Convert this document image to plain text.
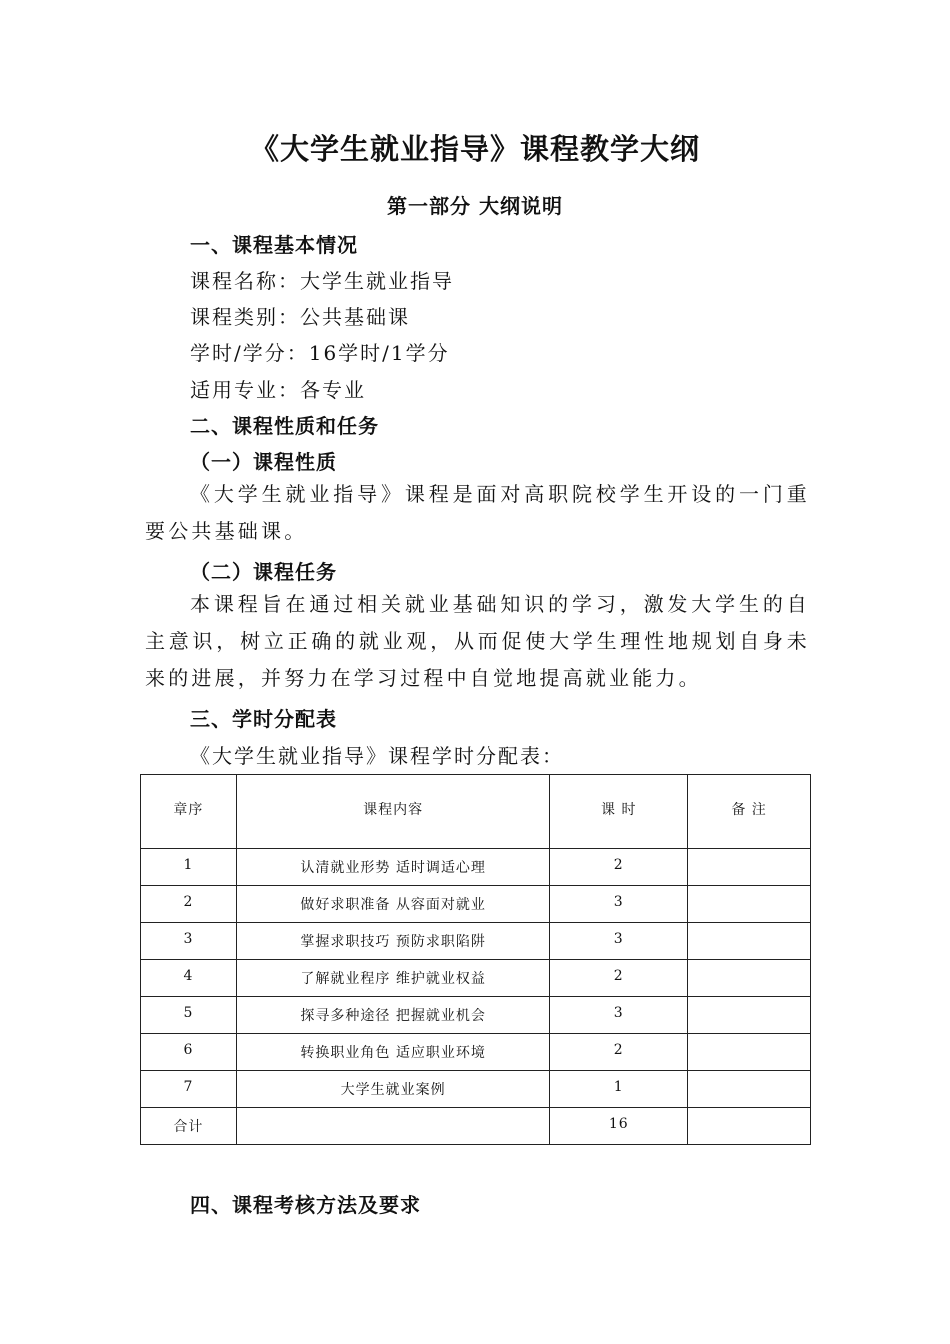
《大学生就业指导》课程教学大纲
第一部分 大纲说明
一、课程基本情况
课程名称：大学生就业指导
课程类别：公共基础课
学时/学分：16学时/1学分
适用专业：各专业
二、课程性质和任务
（一）课程性质
《大学生就业指导》课程是面对高职院校学生开设的一门重要公共基础课。
（二）课程任务
本课程旨在通过相关就业基础知识的学习，激发大学生的自主意识，树立正确的就业观，从而促使大学生理性地规划自身未来的进展，并努力在学习过程中自觉地提高就业能力。
三、学时分配表
《大学生就业指导》课程学时分配表：
章序	课程内容	课 时	备 注
1	认清就业形势 适时调适心理	2	
2	做好求职准备 从容面对就业	3	
3	掌握求职技巧 预防求职陷阱	3	
4	了解就业程序 维护就业权益	2	
5	探寻多种途径 把握就业机会	3	
6	转换职业角色 适应职业环境	2	
7	大学生就业案例	1	
合计		16	
四、课程考核方法及要求
